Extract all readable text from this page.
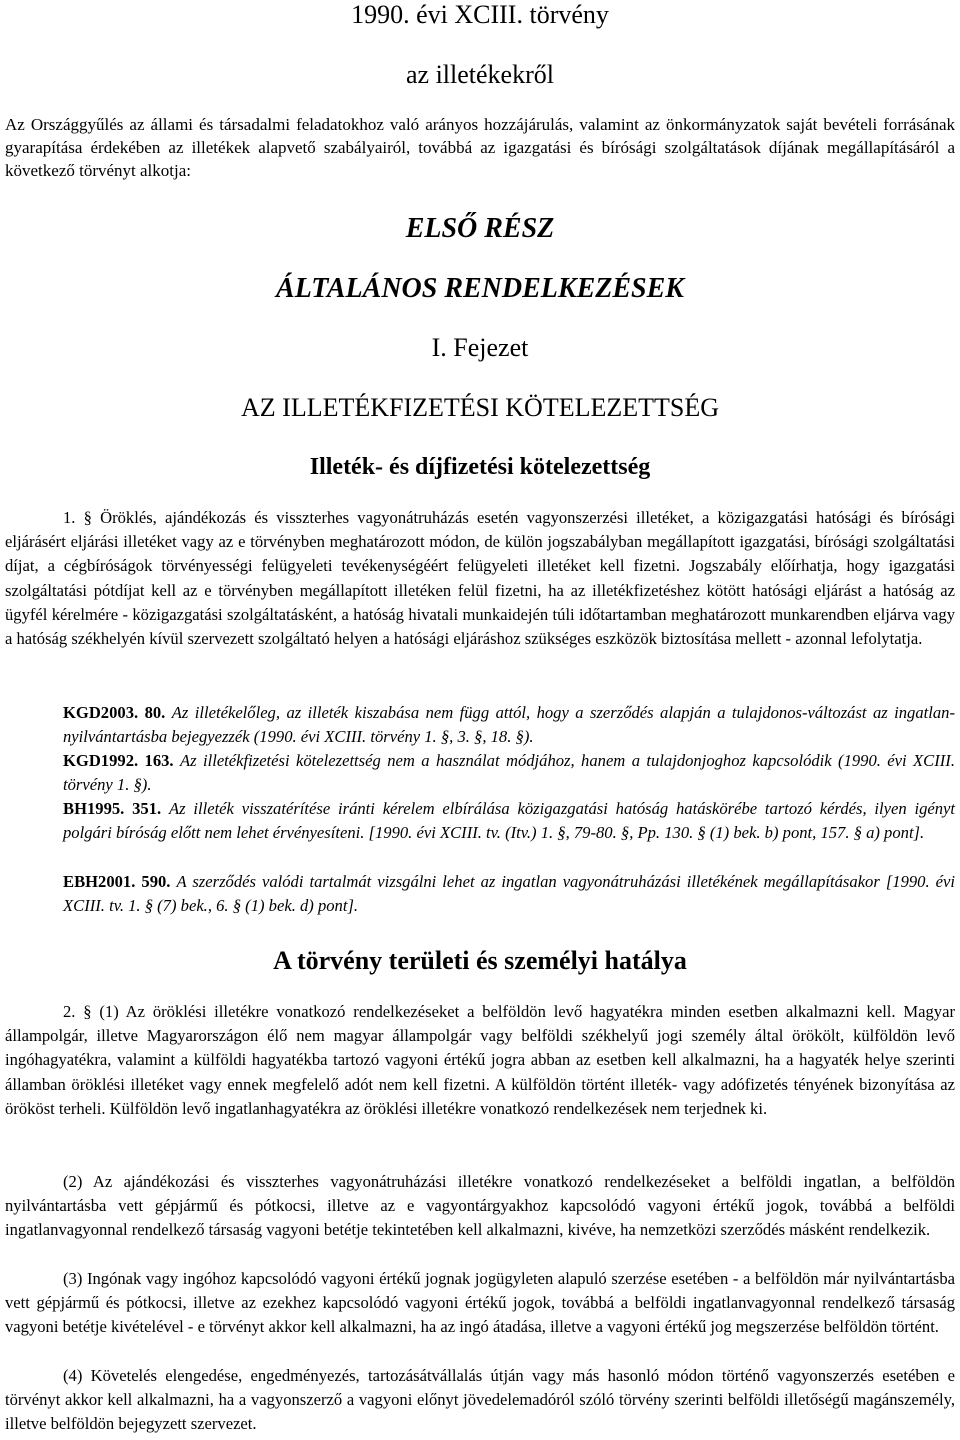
1990. évi XCIII. törvény
az illetékekről

Az Országgyűlés az állami és társadalmi feladatokhoz való arányos hozzájárulás, valamint az önkormányzatok saját bevételi forrásának gyarapítása érdekében az illetékek alapvető szabályairól, továbbá az igazgatási és bírósági szolgáltatások díjának megállapításáról a következő törvényt alkotja:

ELSŐ RÉSZ
ÁLTALÁNOS RENDELKEZÉSEK
I. Fejezet
AZ ILLETÉKFIZETÉSI KÖTELEZETTSÉG
Illeték- és díjfizetési kötelezettség

1. § Öröklés, ajándékozás és visszterhes vagyonátruházás esetén vagyonszerzési illetéket, a közigazgatási hatósági és bírósági eljárásért eljárási illetéket vagy az e törvényben meghatározott módon, de külön jogszabályban megállapított igazgatási, bírósági szolgáltatási díjat, a cégbíróságok törvényességi felügyeleti tevékenységéért felügyeleti illetéket kell fizetni. Jogszabály előírhatja, hogy igazgatási szolgáltatási pótdíjat kell az e törvényben megállapított illetéken felül fizetni, ha az illetékfizetéshez kötött hatósági eljárást a hatóság az ügyfél kérelmére - közigazgatási szolgáltatásként, a hatóság hivatali munkaidején túli időtartamban meghatározott munkarendben eljárva vagy a hatóság székhelyén kívül szervezett szolgáltató helyen a hatósági eljáráshoz szükséges eszközök biztosítása mellett - azonnal lefolytatja.

KGD2003. 80. Az illetékelőleg, az illeték kiszabása nem függ attól, hogy a szerződés alapján a tulajdonos-változást az ingatlan-nyilvántartásba bejegyezzék (1990. évi XCIII. törvény 1. §, 3. §, 18. §).

KGD1992. 163. Az illetékfizetési kötelezettség nem a használat módjához, hanem a tulajdonjoghoz kapcsolódik (1990. évi XCIII. törvény 1. §).

BH1995. 351. Az illeték visszatérítése iránti kérelem elbírálása közigazgatási hatóság hatáskörébe tartozó kérdés, ilyen igényt polgári bíróság előtt nem lehet érvényesíteni. [1990. évi XCIII. tv. (Itv.) 1. §, 79-80. §, Pp. 130. § (1) bek. b) pont, 157. § a) pont].

EBH2001. 590. A szerződés valódi tartalmát vizsgálni lehet az ingatlan vagyonátruházási illetékének megállapításakor [1990. évi XCIII. tv. 1. § (7) bek., 6. § (1) bek. d) pont].

A törvény területi és személyi hatálya

2. § (1) Az öröklési illetékre vonatkozó rendelkezéseket a belföldön levő hagyatékra minden esetben alkalmazni kell. Magyar állampolgár, illetve Magyarországon élő nem magyar állampolgár vagy belföldi székhelyű jogi személy által örökölt, külföldön levő ingóhagyatékra, valamint a külföldi hagyatékba tartozó vagyoni értékű jogra abban az esetben kell alkalmazni, ha a hagyaték helye szerinti államban öröklési illetéket vagy ennek megfelelő adót nem kell fizetni. A külföldön történt illeték- vagy adófizetés tényének bizonyítása az örököst terheli. Külföldön levő ingatlanhagyatékra az öröklési illetékre vonatkozó rendelkezések nem terjednek ki.

(2) Az ajándékozási és visszterhes vagyonátruházási illetékre vonatkozó rendelkezéseket a belföldi ingatlan, a belföldön nyilvántartásba vett gépjármű és pótkocsi, illetve az e vagyontárgyakhoz kapcsolódó vagyoni értékű jogok, továbbá a belföldi ingatlanvagyonnal rendelkező társaság vagyoni betétje tekintetében kell alkalmazni, kivéve, ha nemzetközi szerződés másként rendelkezik.

(3) Ingónak vagy ingóhoz kapcsolódó vagyoni értékű jognak jogügyleten alapuló szerzése esetében - a belföldön már nyilvántartásba vett gépjármű és pótkocsi, illetve az ezekhez kapcsolódó vagyoni értékű jogok, továbbá a belföldi ingatlanvagyonnal rendelkező társaság vagyoni betétje kivételével - e törvényt akkor kell alkalmazni, ha az ingó átadása, illetve a vagyoni értékű jog megszerzése belföldön történt.

(4) Követelés elengedése, engedményezés, tartozásátvállalás útján vagy más hasonló módon történő vagyonszerzés esetében e törvényt akkor kell alkalmazni, ha a vagyonszerző a vagyoni előnyt jövedelemadóról szóló törvény szerinti belföldi illetőségű magánszemély, illetve belföldön bejegyzett szervezet.
